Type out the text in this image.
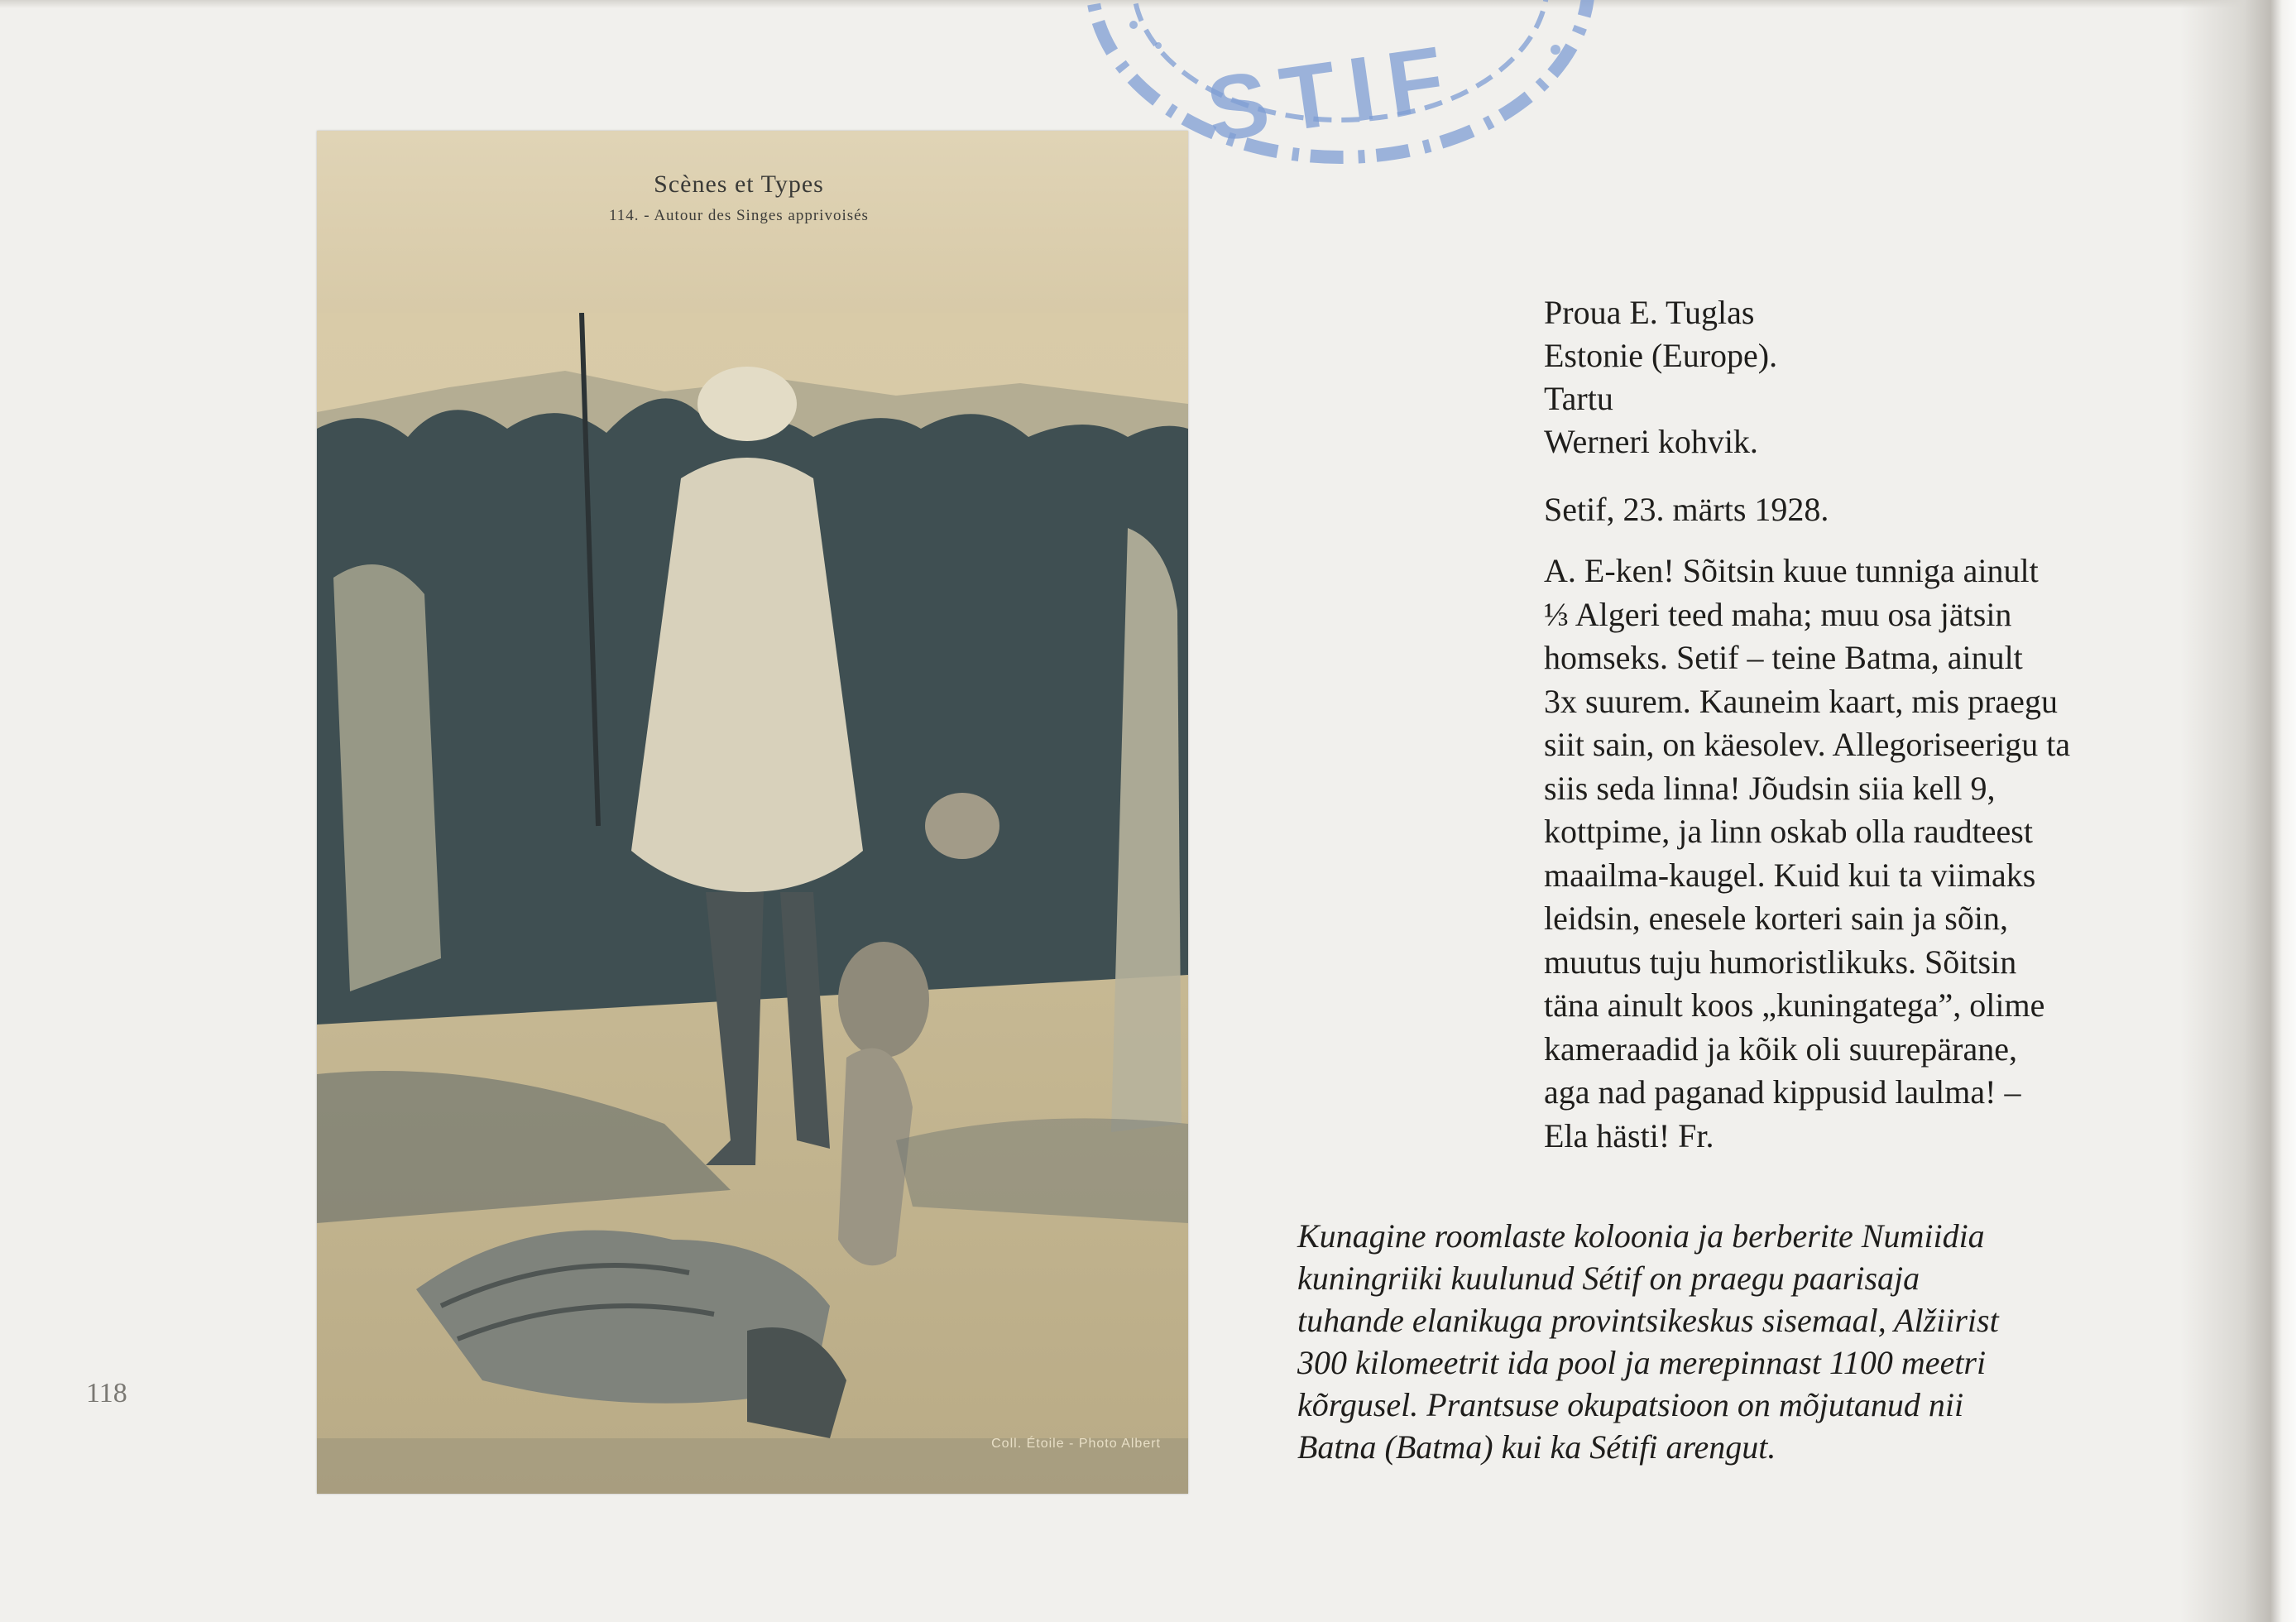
STIF
Scènes et Types
114. - Autour des Singes apprivoisés
Coll. Étoile - Photo Albert
118
Proua E. Tuglas
Estonie (Europe).
Tartu
Werneri kohvik.
Setif, 23. märts 1928.
A. E-ken! Sõitsin kuue tunniga ainult
⅓ Algeri teed maha; muu osa jätsin
homseks. Setif – teine Batma, ainult
3x suurem. Kauneim kaart, mis praegu
siit sain, on käesolev. Allegoriseerigu ta
siis seda linna! Jõudsin siia kell 9,
kottpime, ja linn oskab olla raudteest
maailma-kaugel. Kuid kui ta viimaks
leidsin, enesele korteri sain ja sõin,
muutus tuju humoristlikuks. Sõitsin
täna ainult koos „kuningatega”, olime
kameraadid ja kõik oli suurepärane,
aga nad paganad kippusid laulma! –
Ela hästi! Fr.
Kunagine roomlaste koloonia ja berberite Numiidia
kuningriiki kuulunud Sétif on praegu paarisaja
tuhande elanikuga provintsikeskus sisemaal, Alžiirist
300 kilomeetrit ida pool ja merepinnast 1100 meetri
kõrgusel. Prantsuse okupatsioon on mõjutanud nii
Batna (Batma) kui ka Sétifi arengut.
